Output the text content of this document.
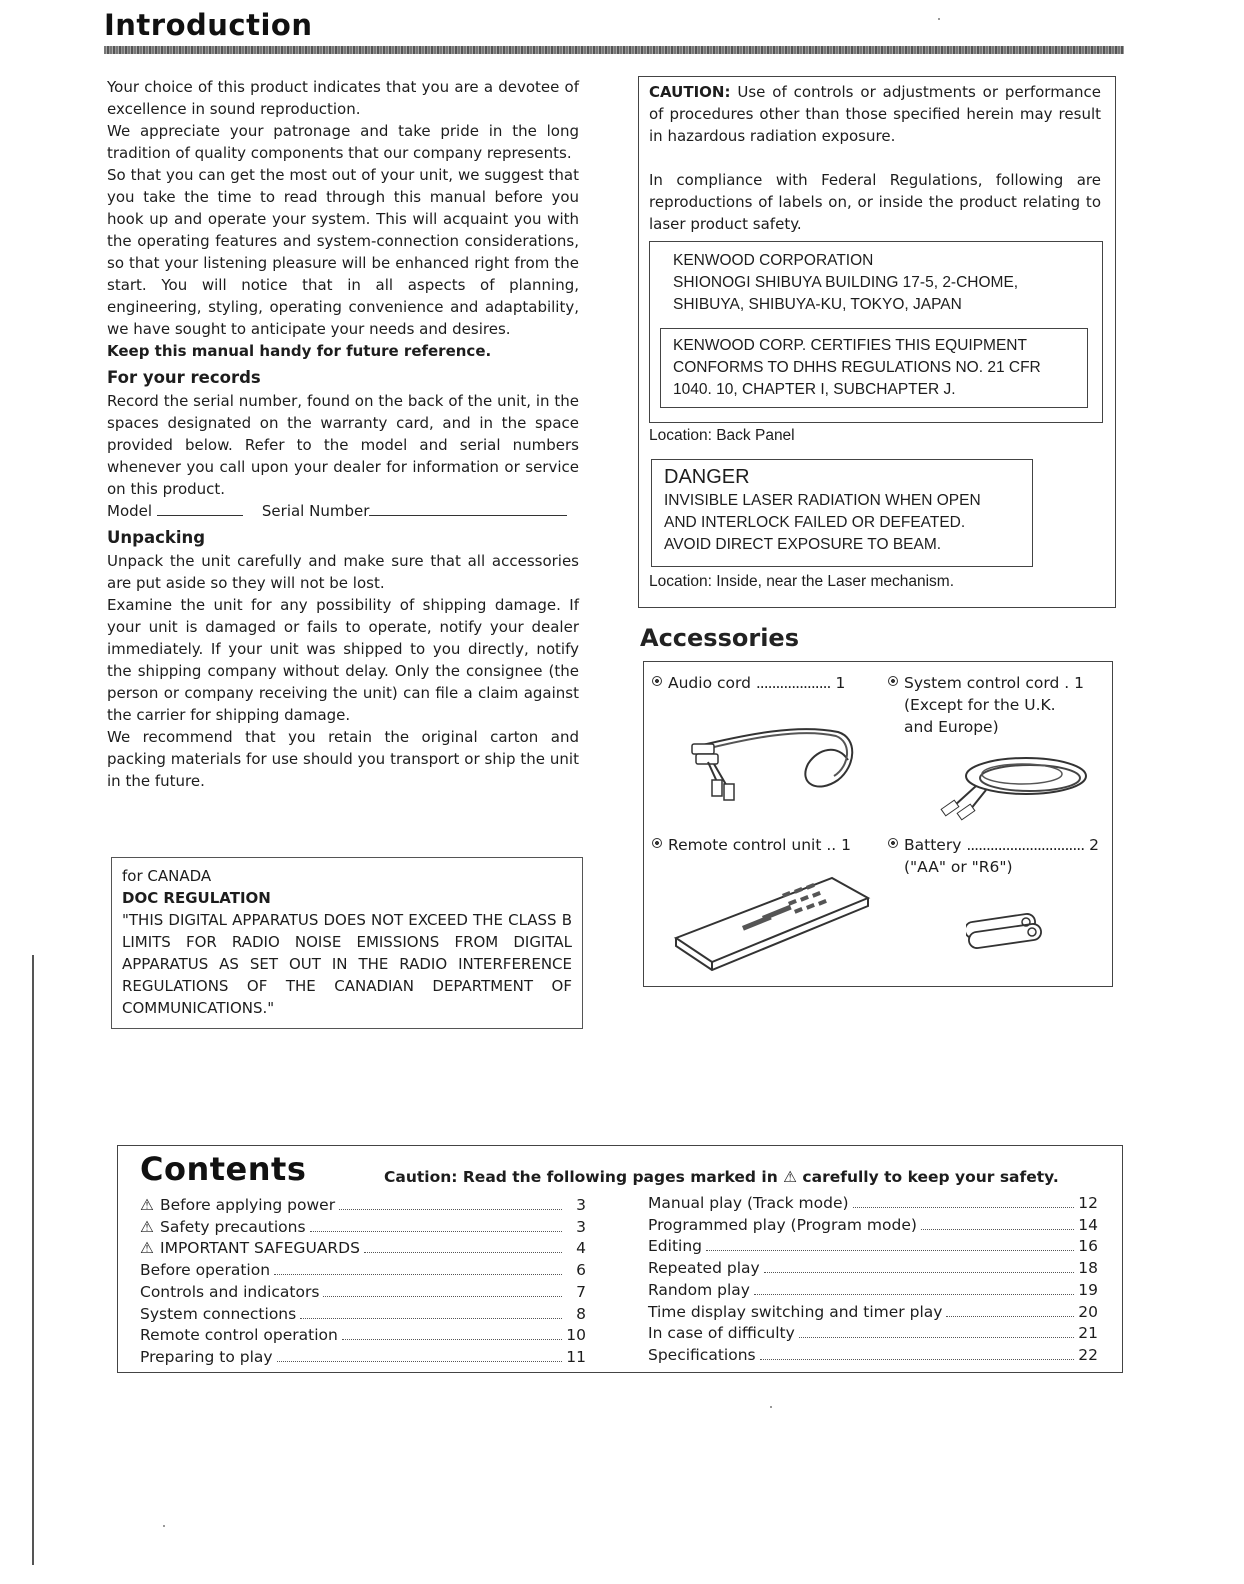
Introduction

Your choice of this product indicates that you are a devotee of excellence in sound reproduction.

We appreciate your patronage and take pride in the long tradition of quality components that our company represents.

So that you can get the most out of your unit, we suggest that you take the time to read through this manual before you hook up and operate your system. This will acquaint you with the operating features and system-connection considerations, so that your listening pleasure will be enhanced right from the start. You will notice that in all aspects of planning, engineering, styling, operating convenience and adaptability, we have sought to anticipate your needs and desires.

Keep this manual handy for future reference.

For your records

Record the serial number, found on the back of the unit, in the spaces designated on the warranty card, and in the space provided below. Refer to the model and serial numbers whenever you call upon your dealer for information or service on this product.

Model	Serial Number

Unpacking

Unpack the unit carefully and make sure that all accessories are put aside so they will not be lost.

Examine the unit for any possibility of shipping damage. If your unit is damaged or fails to operate, notify your dealer immediately. If your unit was shipped to you directly, notify the shipping company without delay. Only the consignee (the person or company receiving the unit) can file a claim against the carrier for shipping damage.

We recommend that you retain the original carton and packing materials for use should you transport or ship the unit in the future.

for CANADA
DOC REGULATION
"THIS DIGITAL APPARATUS DOES NOT EXCEED THE CLASS B LIMITS FOR RADIO NOISE EMISSIONS FROM DIGITAL APPARATUS AS SET OUT IN THE RADIO INTERFERENCE REGULATIONS OF THE CANADIAN DEPARTMENT OF COMMUNICATIONS."

CAUTION: Use of controls or adjustments or performance of procedures other than those specified herein may result in hazardous radiation exposure.

In compliance with Federal Regulations, following are reproductions of labels on, or inside the product relating to laser product safety.

KENWOOD CORPORATION
SHIONOGI SHIBUYA BUILDING 17-5, 2-CHOME,
SHIBUYA, SHIBUYA-KU, TOKYO, JAPAN
KENWOOD CORP. CERTIFIES THIS EQUIPMENT
CONFORMS TO DHHS REGULATIONS NO. 21 CFR
1040. 10, CHAPTER I, SUBCHAPTER J.
Location: Back Panel
DANGER
INVISIBLE LASER RADIATION WHEN OPEN
AND INTERLOCK FAILED OR DEFEATED.
AVOID DIRECT EXPOSURE TO BEAM.
Location: Inside, near the Laser mechanism.
Accessories
Audio cord ................... 1	System control cord . 1
(Except for the U.K.
and Europe)
Remote control unit .. 1	Battery .............................. 2
("AA" or "R6")
Contents	Caution: Read the following pages marked in ⚠ carefully to keep your safety.
⚠ Before applying power	3
⚠ Safety precautions	3
⚠ IMPORTANT SAFEGUARDS	4
Before operation	6
Controls and indicators	7
System connections	8
Remote control operation	10
Preparing to play	11
Manual play (Track mode)	12
Programmed play (Program mode)	14
Editing	16
Repeated play	18
Random play	19
Time display switching and timer play	20
In case of difficulty	21
Specifications	22
